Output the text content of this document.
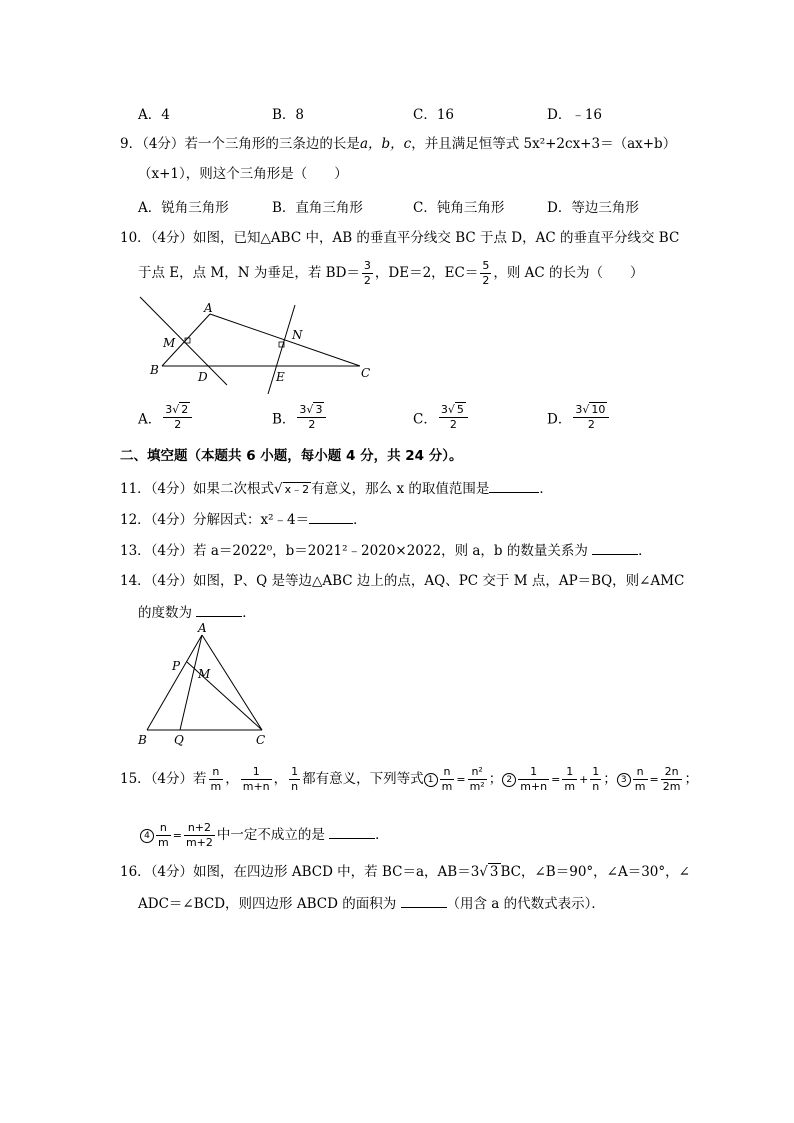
A．4	B．8	C．16	D．﹣16
9．（4分）若一个三角形的三条边的长是a，b，c，并且满足恒等式 5x²+2cx+3＝（ax+b）
（x+1），则这个三角形是（　　）
A．锐角三角形	B．直角三角形	C．钝角三角形	D．等边三角形
10．（4分）如图，已知△ABC 中，AB 的垂直平分线交 BC 于点 D，AC 的垂直平分线交 BC
于点 E，点 M，N 为垂足，若 $BD= \frac{3}{2}$ ，DE＝2，$EC= \frac{5}{2}$ ，则 AC 的长为（　　）
A
B	C
D	E
M
N
A． $\frac{3√ 2}{2}$	B． $\frac{3√ 3}{2}$	C． $\frac{3√ 5}{2}$	D． $\frac{3√ 10}{2}$
二、填空题（本题共 6 小题，每小题 4 分，共 24 分）。
11．（4分）如果二次根式√ x﹣2 有意义，那么 x 的取值范围是	．
12．（4分）分解因式：x²﹣4＝	．
13．（4分）若 a＝2022⁰，b＝2021²﹣2020×2022，则 a，b 的数量关系为	．
14．（4分）如图，P、Q 是等边△ABC 边上的点，AQ、PC 交于 M 点，AP＝BQ，则∠AMC
的度数为	．
A
B	C
P
Q
M
15．（4分）若 $\frac{n}{m}$ ， $\frac{1}{m+n}$ ， $\frac{1}{n}$ 都有意义，下列等式 $1 \frac{n}{m} = \frac{\text{n²}}{\text{m²}}$ ； $2 \frac{1}{m+n} = \frac{1}{m} + \frac{1}{n}$ ； $3 \frac{n}{m} = \frac{2n}{2m}$ ；
$4 \frac{n}{m} = \frac{n+2}{m+2}$ 中一定不成立的是	．
16．（4分）如图，在四边形 ABCD 中，若 BC＝a，AB＝3√ 3 BC，∠B＝90°，∠A＝30°，∠
ADC＝∠BCD，则四边形 ABCD 的面积为	（用含 a 的代数式表示）．
